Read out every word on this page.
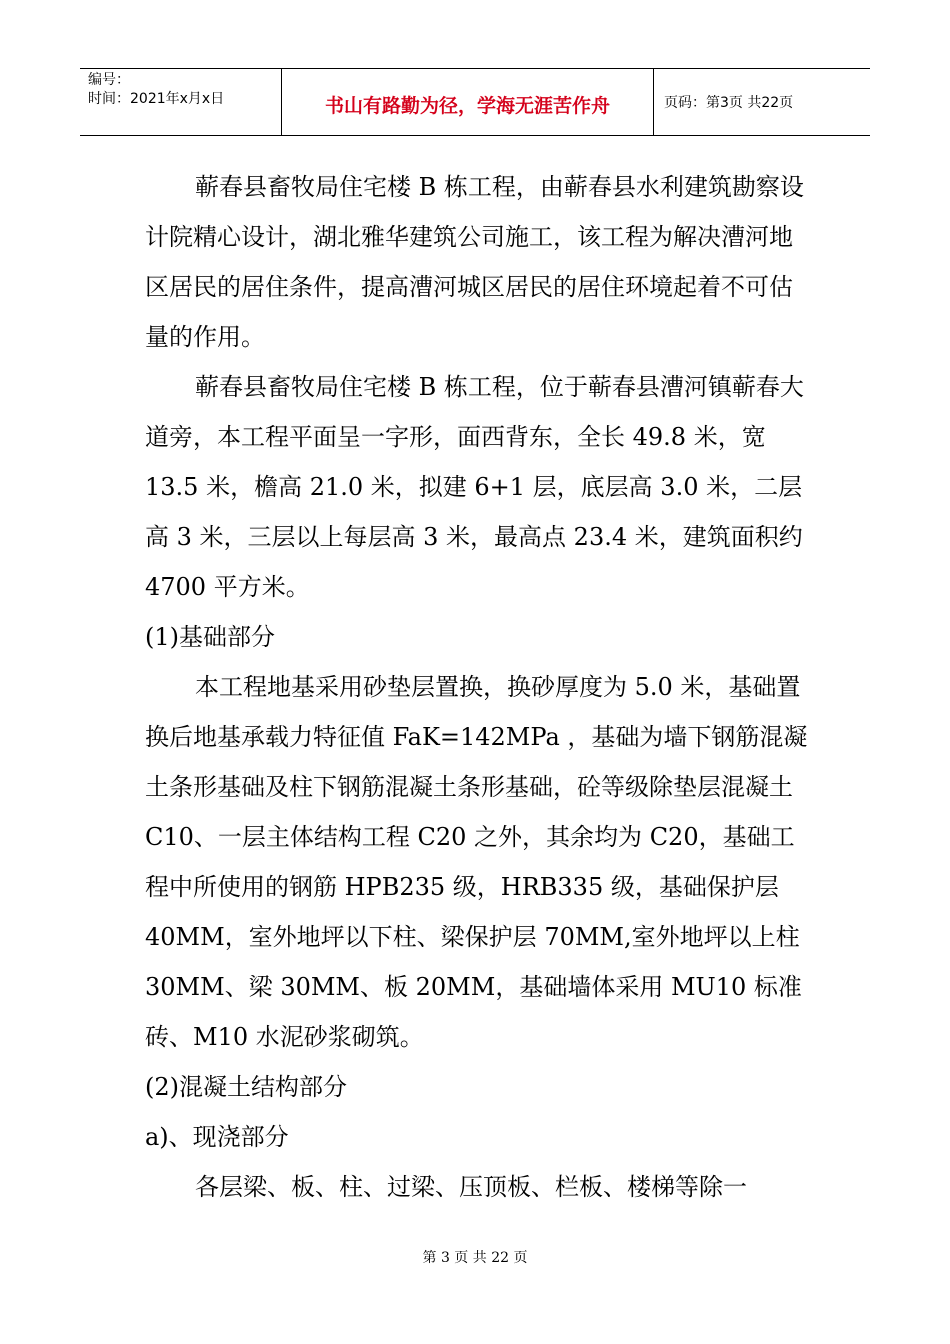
编号：
时间：2021年x月x日	书山有路勤为径，学海无涯苦作舟	页码：第3页 共22页

蕲春县畜牧局住宅楼 B 栋工程，由蕲春县水利建筑勘察设计院精心设计，湖北雅华建筑公司施工，该工程为解决漕河地区居民的居住条件，提高漕河城区居民的居住环境起着不可估量的作用。

蕲春县畜牧局住宅楼 B 栋工程，位于蕲春县漕河镇蕲春大道旁，本工程平面呈一字形，面西背东，全长 49.8 米，宽 13.5 米，檐高 21.0 米，拟建 6+1 层，底层高 3.0 米，二层高 3 米，三层以上每层高 3 米，最高点 23.4 米，建筑面积约 4700 平方米。

(1)基础部分

本工程地基采用砂垫层置换，换砂厚度为 5.0 米，基础置换后地基承载力特征值 FaK=142MPa ，基础为墙下钢筋混凝土条形基础及柱下钢筋混凝土条形基础，砼等级除垫层混凝土 C10、一层主体结构工程 C20 之外，其余均为 C20，基础工程中所使用的钢筋 HPB235 级，HRB335 级，基础保护层 40MM，室外地坪以下柱、梁保护层 70MM,室外地坪以上柱 30MM、梁 30MM、板 20MM，基础墙体采用 MU10 标准砖、M10 水泥砂浆砌筑。

(2)混凝土结构部分

a)、现浇部分

各层梁、板、柱、过梁、压顶板、栏板、楼梯等除一

第 3 页 共 22 页
